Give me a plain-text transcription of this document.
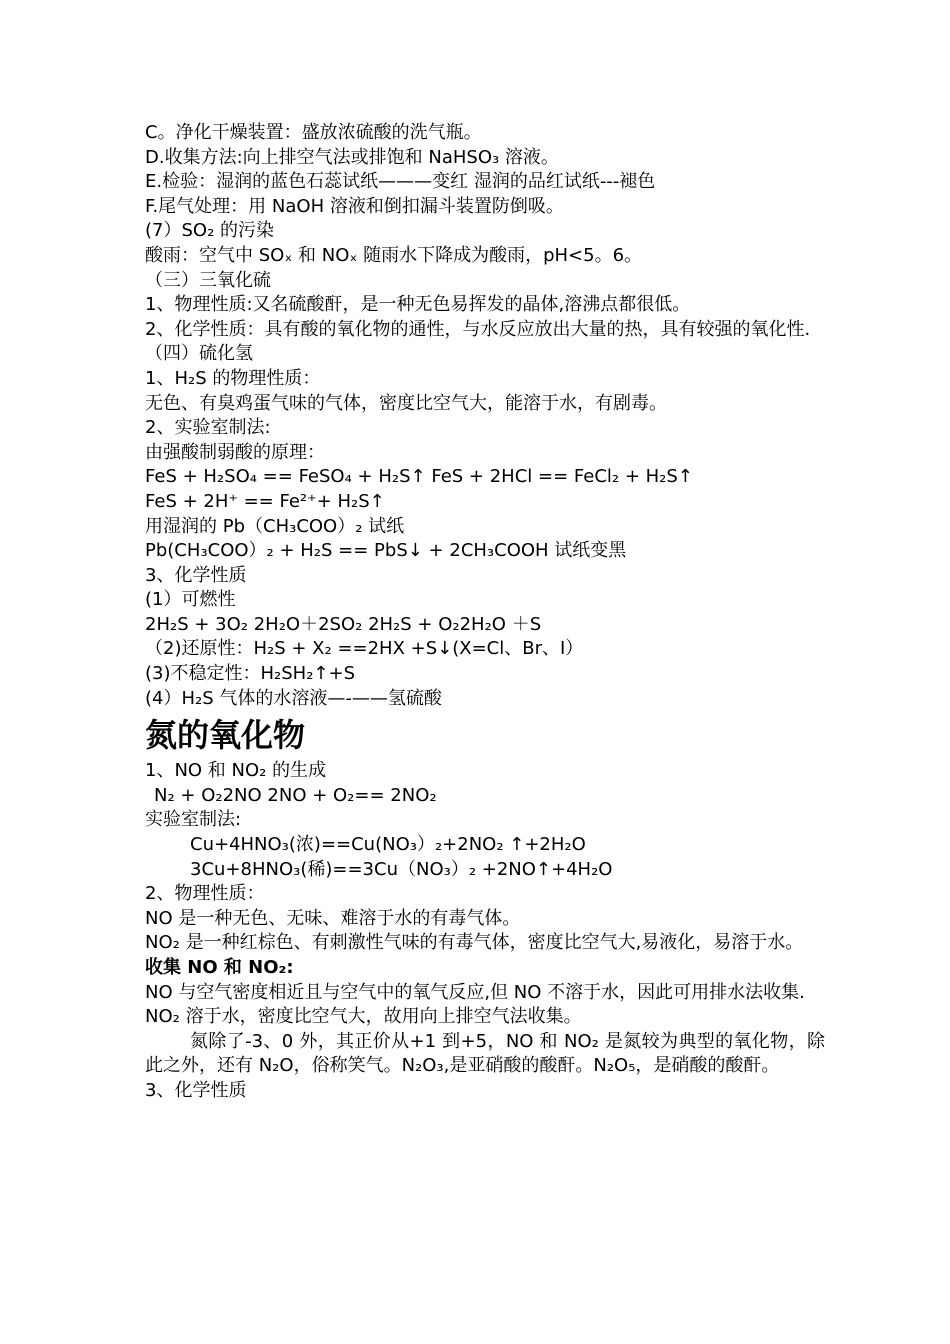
C。净化干燥装置：盛放浓硫酸的洗气瓶。
D.收集方法:向上排空气法或排饱和 NaHSO₃ 溶液。
E.检验：湿润的蓝色石蕊试纸———变红 湿润的品红试纸---褪色
F.尾气处理：用 NaOH 溶液和倒扣漏斗装置防倒吸。
(7）SO₂ 的污染
酸雨：空气中 SOₓ 和 NOₓ 随雨水下降成为酸雨，pH<5。6。
（三）三氧化硫
1、物理性质:又名硫酸酐，是一种无色易挥发的晶体,溶沸点都很低。
2、化学性质：具有酸的氧化物的通性，与水反应放出大量的热，具有较强的氧化性.
（四）硫化氢
1、H₂S 的物理性质：
无色、有臭鸡蛋气味的气体，密度比空气大，能溶于水，有剧毒。
2、实验室制法:
由强酸制弱酸的原理：
FeS + H₂SO₄ == FeSO₄ + H₂S↑ FeS + 2HCl == FeCl₂ + H₂S↑
FeS + 2H⁺ == Fe²⁺+ H₂S↑
用湿润的 Pb（CH₃COO）₂ 试纸
Pb(CH₃COO）₂ + H₂S == PbS↓ + 2CH₃COOH 试纸变黑
3、化学性质
(1）可燃性
2H₂S + 3O₂ 2H₂O＋2SO₂ 2H₂S + O₂2H₂O ＋S
（2)还原性：H₂S + X₂ ==2HX +S↓(X=Cl、Br、I）
(3)不稳定性：H₂SH₂↑+S
(4）H₂S 气体的水溶液—-——氢硫酸
氮的氧化物
1、NO 和 NO₂ 的生成
N₂ + O₂2NO 2NO + O₂== 2NO₂
实验室制法:
Cu+4HNO₃(浓)==Cu(NO₃）₂+2NO₂ ↑+2H₂O
3Cu+8HNO₃(稀)==3Cu（NO₃）₂ +2NO↑+4H₂O
2、物理性质：
NO 是一种无色、无味、难溶于水的有毒气体。
NO₂ 是一种红棕色、有刺激性气味的有毒气体，密度比空气大,易液化，易溶于水。
收集 NO 和 NO₂:
NO 与空气密度相近且与空气中的氧气反应,但 NO 不溶于水，因此可用排水法收集.
NO₂ 溶于水，密度比空气大，故用向上排空气法收集。
氮除了-3、0 外，其正价从+1 到+5，NO 和 NO₂ 是氮较为典型的氧化物，除此之外，还有 N₂O，俗称笑气。N₂O₃,是亚硝酸的酸酐。N₂O₅，是硝酸的酸酐。
3、化学性质
